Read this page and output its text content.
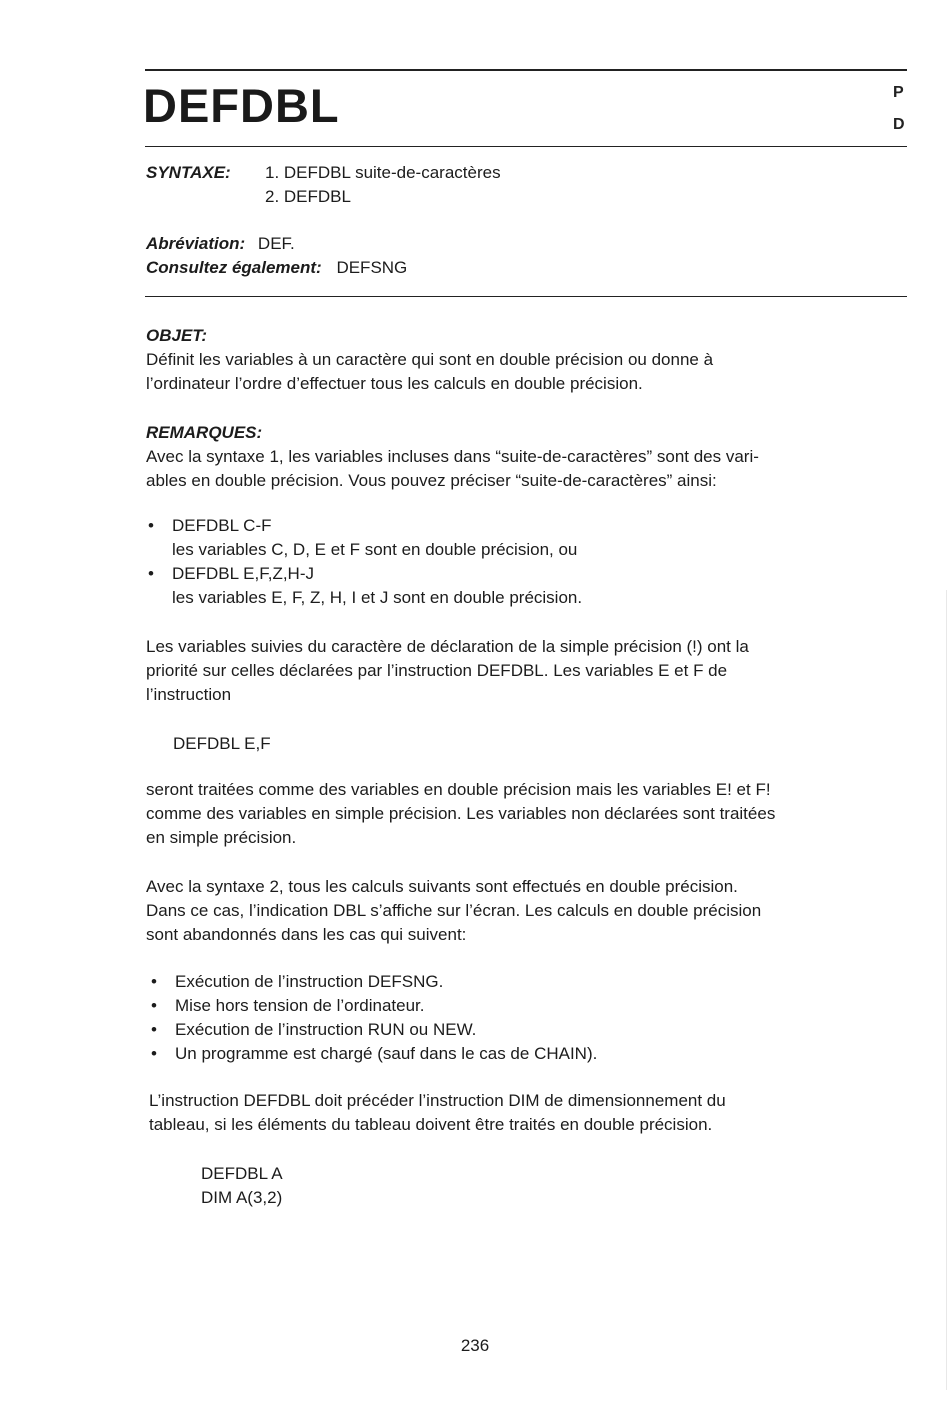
DEFDBL	P
D
SYNTAXE: 1. DEFDBL suite-de-caractères
2. DEFDBL
Abréviation: DEF.
Consultez également: DEFSNG
OBJET:
Définit les variables à un caractère qui sont en double précision ou donne à
l’ordinateur l’ordre d’effectuer tous les calculs en double précision.
REMARQUES:
Avec la syntaxe 1, les variables incluses dans “suite-de-caractères” sont des vari-
ables en double précision. Vous pouvez préciser “suite-de-caractères” ainsi:
• DEFDBL C-F
les variables C, D, E et F sont en double précision, ou
• DEFDBL E,F,Z,H-J
les variables E, F, Z, H, I et J sont en double précision.
Les variables suivies du caractère de déclaration de la simple précision (!) ont la
priorité sur celles déclarées par l’instruction DEFDBL. Les variables E et F de
l’instruction
DEFDBL E,F
seront traitées comme des variables en double précision mais les variables E! et F!
comme des variables en simple précision. Les variables non déclarées sont traitées
en simple précision.
Avec la syntaxe 2, tous les calculs suivants sont effectués en double précision.
Dans ce cas, l’indication DBL s’affiche sur l’écran. Les calculs en double précision
sont abandonnés dans les cas qui suivent:
• Exécution de l’instruction DEFSNG.
• Mise hors tension de l’ordinateur.
• Exécution de l’instruction RUN ou NEW.
• Un programme est chargé (sauf dans le cas de CHAIN).
L’instruction DEFDBL doit précéder l’instruction DIM de dimensionnement du
tableau, si les éléments du tableau doivent être traités en double précision.
DEFDBL A
DIM A(3,2)
236
